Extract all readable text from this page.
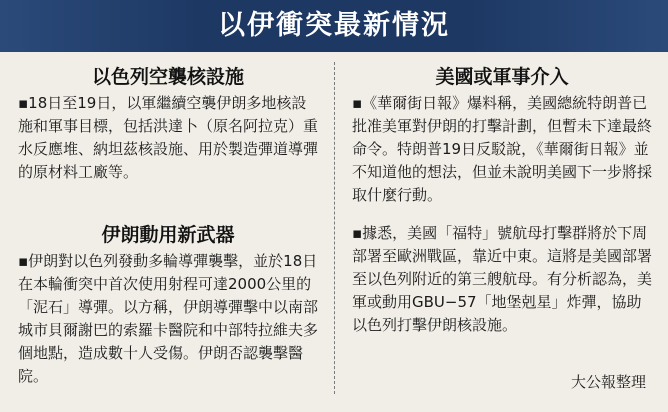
以伊衝突最新情況
以色列空襲核設施
▪18日至19日，以軍繼續空襲伊朗多地核設施和軍事目標，包括洪達卜（原名阿拉克）重水反應堆、納坦茲核設施、用於製造彈道導彈的原材料工廠等。
伊朗動用新武器
▪伊朗對以色列發動多輪導彈襲擊，並於18日在本輪衝突中首次使用射程可達2000公里的「泥石」導彈。以方稱，伊朗導彈擊中以南部城市貝爾謝巴的索羅卡醫院和中部特拉維夫多個地點，造成數十人受傷。伊朗否認襲擊醫院。
美國或軍事介入
▪《華爾街日報》爆料稱，美國總統特朗普已批准美軍對伊朗的打擊計劃，但暫未下達最終命令。特朗普19日反駁說，《華爾街日報》並不知道他的想法，但並未說明美國下一步將採取什麼行動。
▪據悉，美國「福特」號航母打擊群將於下周部署至歐洲戰區，靠近中東。這將是美國部署至以色列附近的第三艘航母。有分析認為，美軍或動用GBU−57「地堡剋星」炸彈，協助以色列打擊伊朗核設施。
大公報整理
